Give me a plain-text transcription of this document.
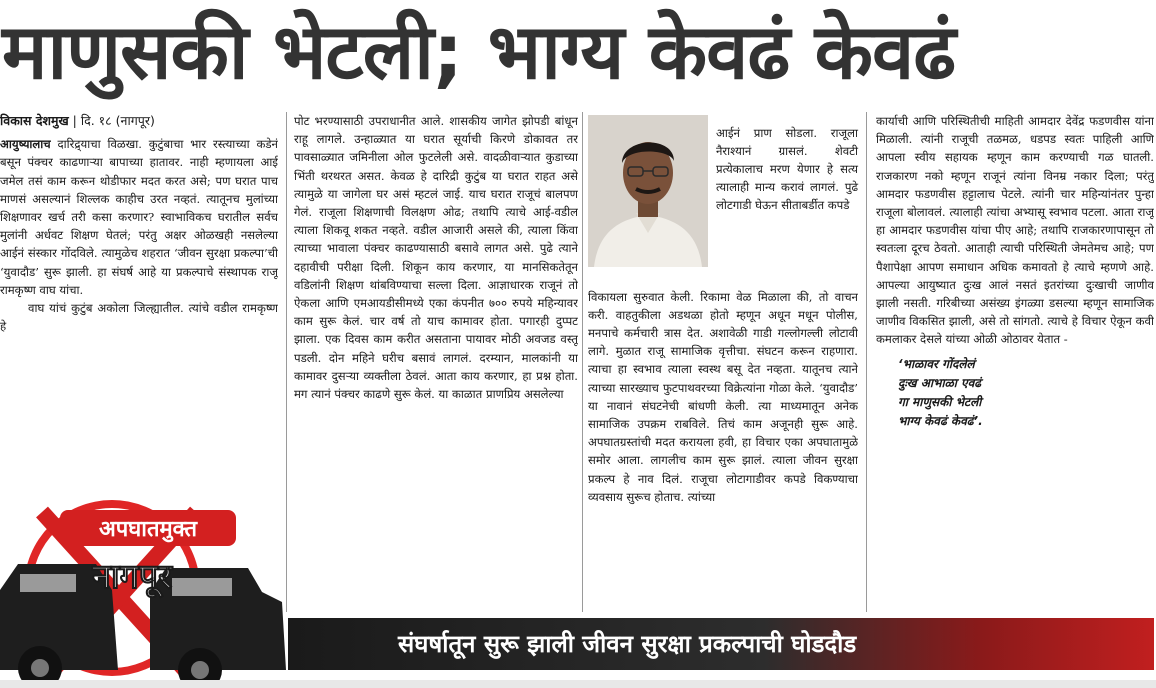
माणुसकी भेटली; भाग्य केवढं केवढं
विकास देशमुख | दि. १८ (नागपूर)

आयुष्यालाच दारिद्र्याचा विळखा. कुटुंबाचा भार रस्त्याच्या कडेनं बसून पंक्चर काढणाऱ्या बापाच्या हातावर. नाही म्हणायला आई जमेल तसं काम करून थोडीफार मदत करत असे; पण घरात पाच माणसं असल्यानं शिल्लक काहीच उरत नव्हतं. त्यातूनच मुलांच्या शिक्षणावर खर्च तरी कसा करणार? स्वाभाविकच घरातील सर्वच मुलांनी अर्धवट शिक्षण घेतलं; परंतु अक्षर ओळखही नसलेल्या आईनं संस्कार गोंदविले. त्यामुळेच शहरात ‘जीवन सुरक्षा प्रकल्पा’ची ‘युवादौड’ सुरू झाली. हा संघर्ष आहे या प्रकल्पाचे संस्थापक राजू रामकृष्ण वाघ यांचा.

वाघ यांचं कुटुंब अकोला जिल्ह्यातील. त्यांचे वडील रामकृष्ण हे

पोट भरण्यासाठी उपराधानीत आले. शासकीय जागेत झोपडी बांधून राहू लागले. उन्हाळ्यात या घरात सूर्याची किरणे डोकावत तर पावसाळ्यात जमिनीला ओल फुटलेली असे. वादळीवाऱ्यात कुडाच्या भिंती थरथरत असत. केवळ हे दारिद्री कुटुंब या घरात राहत असे त्यामुळे या जागेला घर असं म्हटलं जाई. याच घरात राजूचं बालपण गेलं. राजूला शिक्षणाची विलक्षण ओढ; तथापि त्याचे आई-वडील त्याला शिकवू शकत नव्हते. वडील आजारी असले की, त्याला किंवा त्याच्या भावाला पंक्चर काढण्यासाठी बसावे लागत असे. पुढे त्याने दहावीची परीक्षा दिली. शिकून काय करणार, या मानसिकतेतून वडिलांनी शिक्षण थांबविण्याचा सल्ला दिला. आज्ञाधारक राजूनं तो ऐकला आणि एमआयडीसीमध्ये एका कंपनीत ७०० रुपये महिन्यावर काम सुरू केलं. चार वर्ष तो याच कामावर होता. पगारही दुप्पट झाला. एक दिवस काम करीत असताना पायावर मोठी अवजड वस्तू पडली. दोन महिने घरीच बसावं लागलं. दरम्यान, मालकांनी या कामावर दुसऱ्या व्यक्तीला ठेवलं. आता काय करणार, हा प्रश्न होता. मग त्यानं पंक्चर काढणे सुरू केलं. या काळात प्राणप्रिय असलेल्या

आईनं प्राण सोडला. राजूला नैराश्यानं ग्रासलं. शेवटी प्रत्येकालाच मरण येणार हे सत्य त्यालाही मान्य करावं लागलं. पुढे लोटगाडी घेऊन सीताबर्डीत कपडे

विकायला सुरुवात केली. रिकामा वेळ मिळाला की, तो वाचन करी. वाहतुकीला अडथळा होतो म्हणून अधून मधून पोलीस, मनपाचे कर्मचारी त्रास देत. अशावेळी गाडी गल्लोगल्ली लोटावी लागे. मुळात राजू सामाजिक वृत्तीचा. संघटन करून राहणारा. त्याचा हा स्वभाव त्याला स्वस्थ बसू देत नव्हता. यातूनच त्याने त्याच्या सारख्याच फुटपाथवरच्या विक्रेत्यांना गोळा केले. ‘युवादौड’ या नावानं संघटनेची बांधणी केली. त्या माध्यमातून अनेक सामाजिक उपक्रम राबविले. तिचं काम अजूनही सुरू आहे. अपघातग्रस्तांची मदत करायला हवी, हा विचार एका अपघातामुळे समोर आला. लागलीच काम सुरू झालं. त्याला जीवन सुरक्षा प्रकल्प हे नाव दिलं. राजूचा लोटागाडीवर कपडे विकण्याचा व्यवसाय सुरूच होताच. त्यांच्या

कार्याची आणि परिस्थितीची माहिती आमदार देवेंद्र फडणवीस यांना मिळाली. त्यांनी राजूची तळमळ, धडपड स्वतः पाहिली आणि आपला स्वीय सहायक म्हणून काम करण्याची गळ घातली. राजकारण नको म्हणून राजूनं त्यांना विनम्र नकार दिला; परंतु आमदार फडणवीस हट्टालाच पेटले. त्यांनी चार महिन्यांनंतर पुन्हा राजूला बोलावलं. त्यालाही त्यांचा अभ्यासू स्वभाव पटला. आता राजू हा आमदार फडणवीस यांचा पीए आहे; तथापि राजकारणापासून तो स्वतःला दूरच ठेवतो. आताही त्याची परिस्थिती जेमतेमच आहे; पण पैशापेक्षा आपण समाधान अधिक कमावतो हे त्याचे म्हणणे आहे. आपल्या आयुष्यात दुःख आलं नसतं इतरांच्या दुःखाची जाणीव झाली नसती. गरिबीच्या असंख्य इंगळ्या डसल्या म्हणून सामाजिक जाणीव विकसित झाली, असे तो सांगतो. त्याचे हे विचार ऐकून कवी कमलाकर देसले यांच्या ओळी ओठावर येतात -

‘भाळावर गोंदलेलं
दुःख आभाळा एवढं
गा माणुसकी भेटली
भाग्य केवढं केवढं’.
अपघातमुक्त
नागपूर
संघर्षातून सुरू झाली जीवन सुरक्षा प्रकल्पाची घोडदौड
